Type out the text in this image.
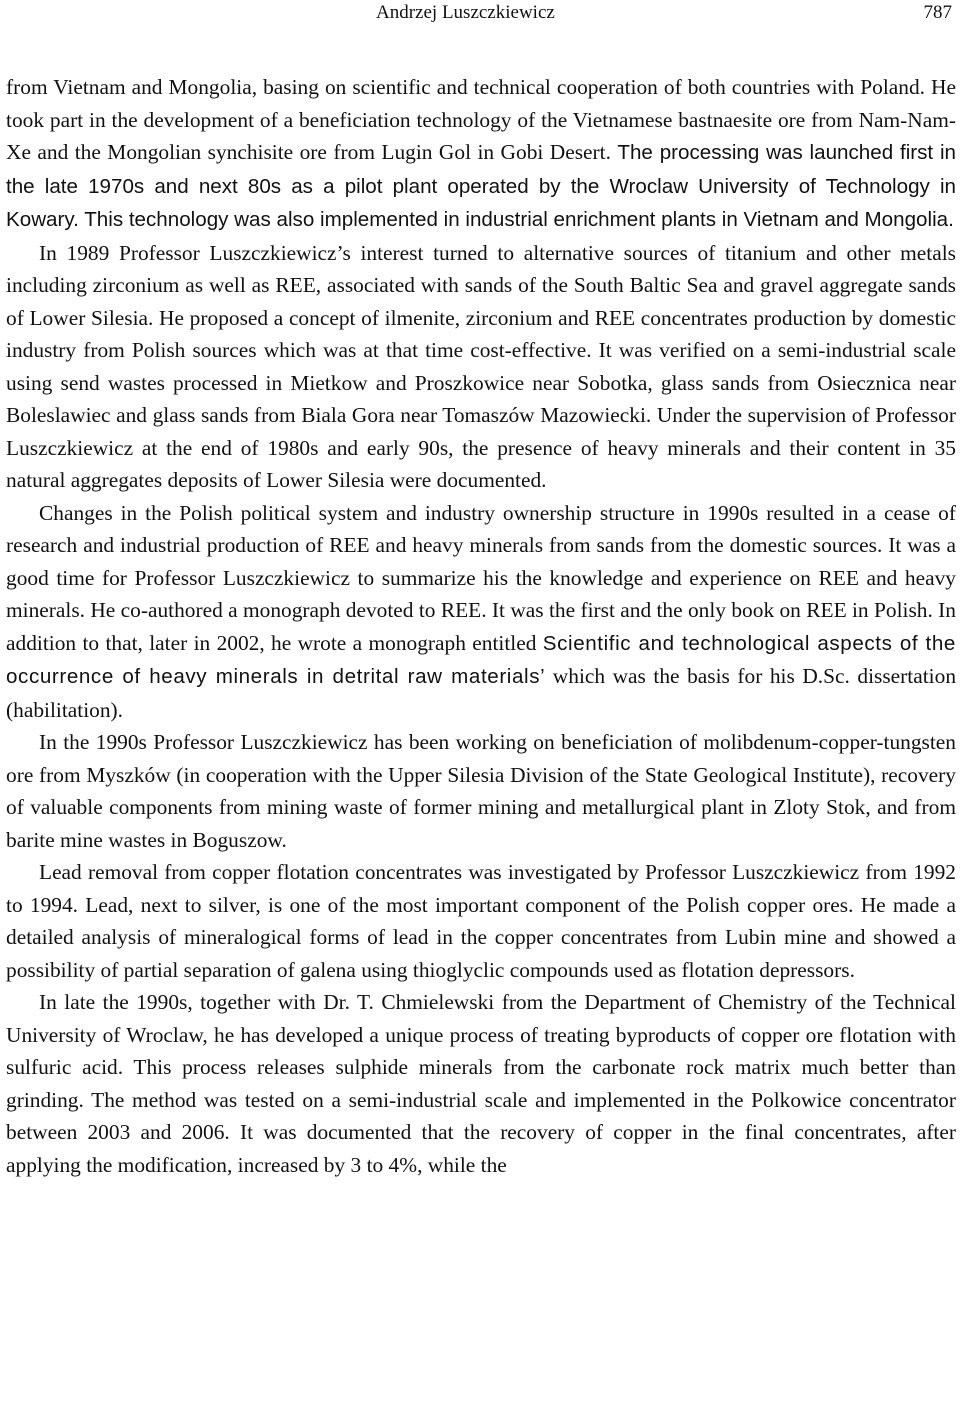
Andrzej Luszczkiewicz	787

from Vietnam and Mongolia, basing on scientific and technical cooperation of both countries with Poland. He took part in the development of a beneficiation technology of the Vietnamese bastnaesite ore from Nam-Nam-Xe and the Mongolian synchisite ore from Lugin Gol in Gobi Desert. The processing was launched first in the late 1970s and next 80s as a pilot plant operated by the Wroclaw University of Technology in Kowary. This technology was also implemented in industrial enrichment plants in Vietnam and Mongolia.

In 1989 Professor Luszczkiewicz’s interest turned to alternative sources of titanium and other metals including zirconium as well as REE, associated with sands of the South Baltic Sea and gravel aggregate sands of Lower Silesia. He proposed a concept of ilmenite, zirconium and REE concentrates production by domestic industry from Polish sources which was at that time cost-effective. It was verified on a semi-industrial scale using send wastes processed in Mietkow and Proszkowice near Sobotka, glass sands from Osiecznica near Boleslawiec and glass sands from Biala Gora near Tomaszów Mazowiecki. Under the supervision of Professor Luszczkiewicz at the end of 1980s and early 90s, the presence of heavy minerals and their content in 35 natural aggregates deposits of Lower Silesia were documented.

Changes in the Polish political system and industry ownership structure in 1990s resulted in a cease of research and industrial production of REE and heavy minerals from sands from the domestic sources. It was a good time for Professor Luszczkiewicz to summarize his the knowledge and experience on REE and heavy minerals. He co-authored a monograph devoted to REE. It was the first and the only book on REE in Polish. In addition to that, later in 2002, he wrote a monograph entitled Scientific and technological aspects of the occurrence of heavy minerals in detrital raw materials’ which was the basis for his D.Sc. dissertation (habilitation).

In the 1990s Professor Luszczkiewicz has been working on beneficiation of molibdenum-copper-tungsten ore from Myszków (in cooperation with the Upper Silesia Division of the State Geological Institute), recovery of valuable components from mining waste of former mining and metallurgical plant in Zloty Stok, and from barite mine wastes in Boguszow.

Lead removal from copper flotation concentrates was investigated by Professor Luszczkiewicz from 1992 to 1994. Lead, next to silver, is one of the most important component of the Polish copper ores. He made a detailed analysis of mineralogical forms of lead in the copper concentrates from Lubin mine and showed a possibility of partial separation of galena using thioglyclic compounds used as flotation depressors.

In late the 1990s, together with Dr. T. Chmielewski from the Department of Chemistry of the Technical University of Wroclaw, he has developed a unique process of treating byproducts of copper ore flotation with sulfuric acid. This process releases sulphide minerals from the carbonate rock matrix much better than grinding. The method was tested on a semi-industrial scale and implemented in the Polkowice concentrator between 2003 and 2006. It was documented that the recovery of copper in the final concentrates, after applying the modification, increased by 3 to 4%, while the
